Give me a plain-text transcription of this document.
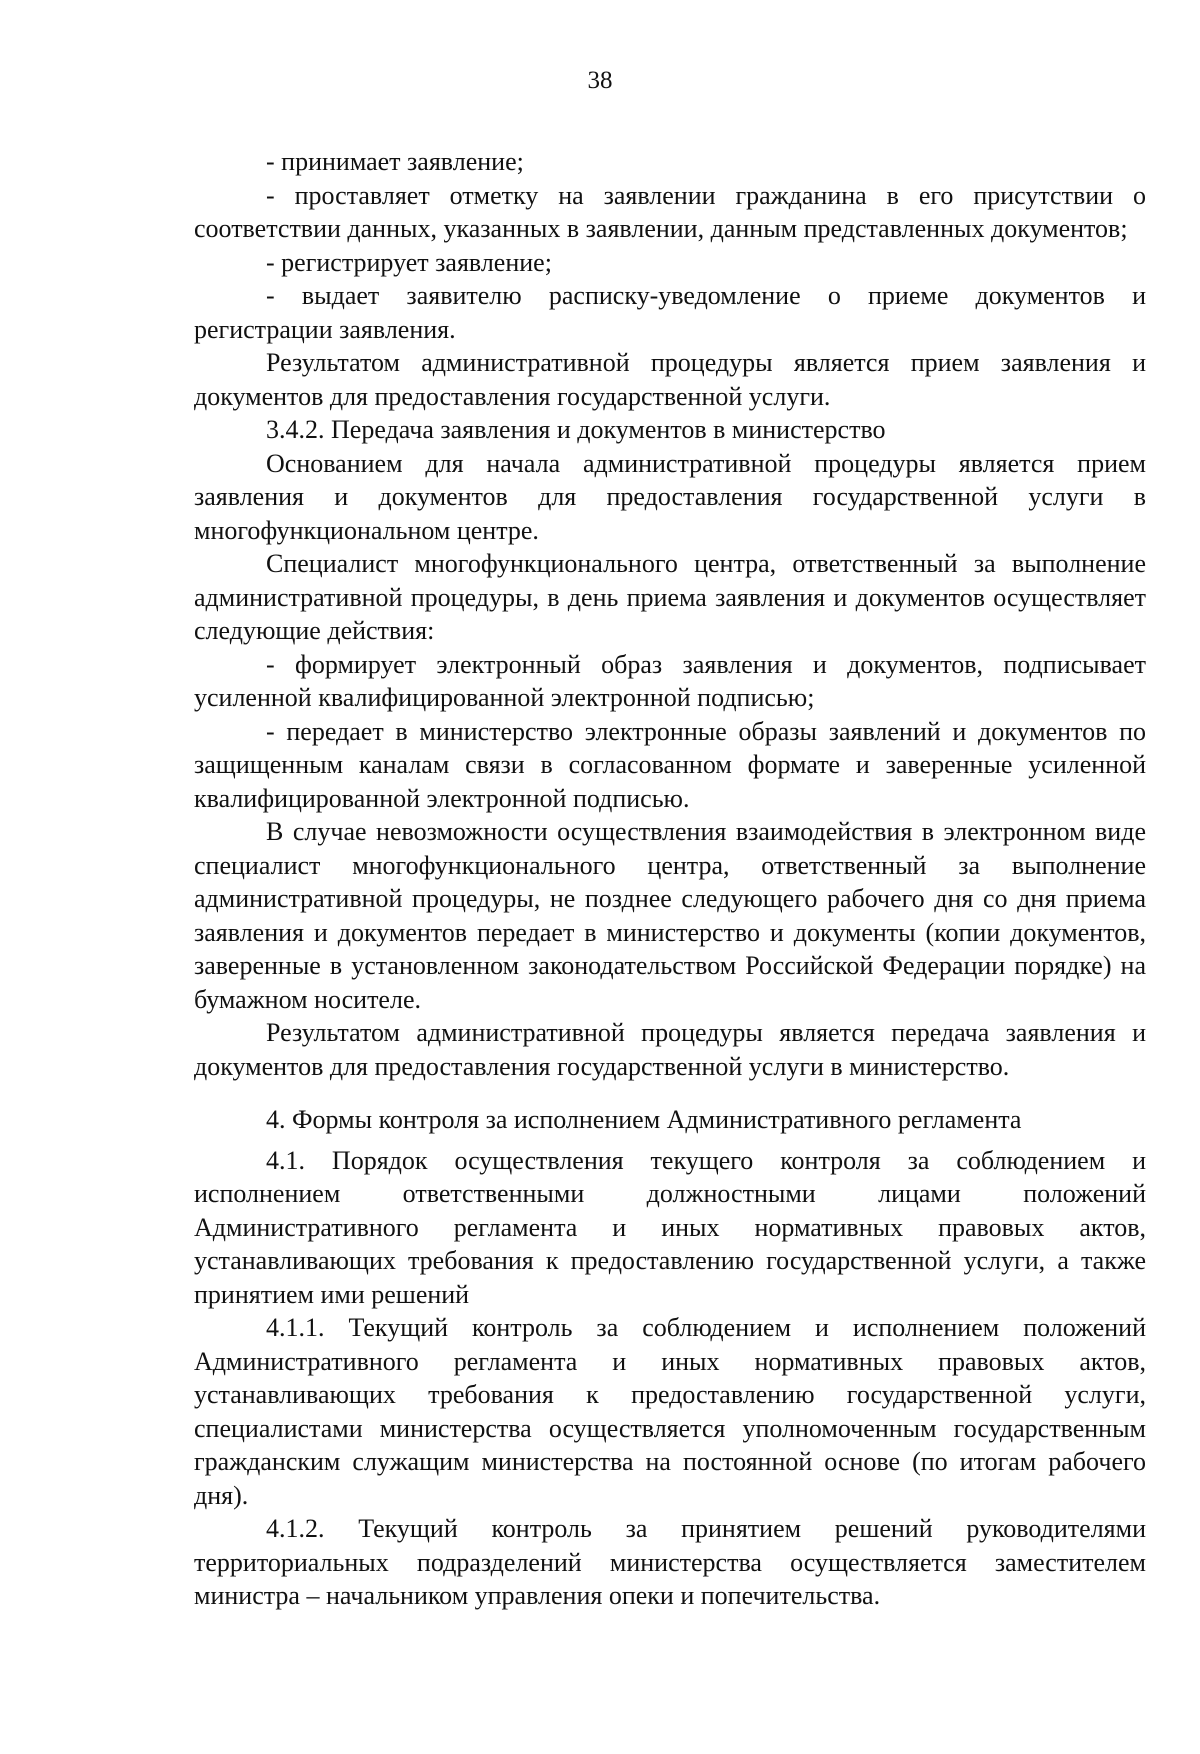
38

- принимает заявление;

- проставляет отметку на заявлении гражданина в его присутствии о соответствии данных, указанных в заявлении, данным представленных документов;

- регистрирует заявление;

- выдает заявителю расписку-уведомление о приеме документов и регистрации заявления.

Результатом административной процедуры является прием заявления и документов для предоставления государственной услуги.

3.4.2. Передача заявления и документов в министерство

Основанием для начала административной процедуры является прием заявления и документов для предоставления государственной услуги в многофункциональном центре.

Специалист многофункционального центра, ответственный за выполнение административной процедуры, в день приема заявления и документов осуществляет следующие действия:

- формирует электронный образ заявления и документов, подписывает усиленной квалифицированной электронной подписью;

- передает в министерство электронные образы заявлений и документов по защищенным каналам связи в согласованном формате и заверенные усиленной квалифицированной электронной подписью.

В случае невозможности осуществления взаимодействия в электронном виде специалист многофункционального центра, ответственный за выполнение административной процедуры, не позднее следующего рабочего дня со дня приема заявления и документов передает в министерство и документы (копии документов, заверенные в установленном законодательством Российской Федерации порядке) на бумажном носителе.

Результатом административной процедуры является передача заявления и документов для предоставления государственной услуги в министерство.

4. Формы контроля за исполнением Административного регламента

4.1. Порядок осуществления текущего контроля за соблюдением и исполнением ответственными должностными лицами положений Административного регламента и иных нормативных правовых актов, устанавливающих требования к предоставлению государственной услуги, а также принятием ими решений

4.1.1. Текущий контроль за соблюдением и исполнением положений Административного регламента и иных нормативных правовых актов, устанавливающих требования к предоставлению государственной услуги, специалистами министерства осуществляется уполномоченным государственным гражданским служащим министерства на постоянной основе (по итогам рабочего дня).

4.1.2. Текущий контроль за принятием решений руководителями территориальных подразделений министерства осуществляется заместителем министра – начальником управления опеки и попечительства.
